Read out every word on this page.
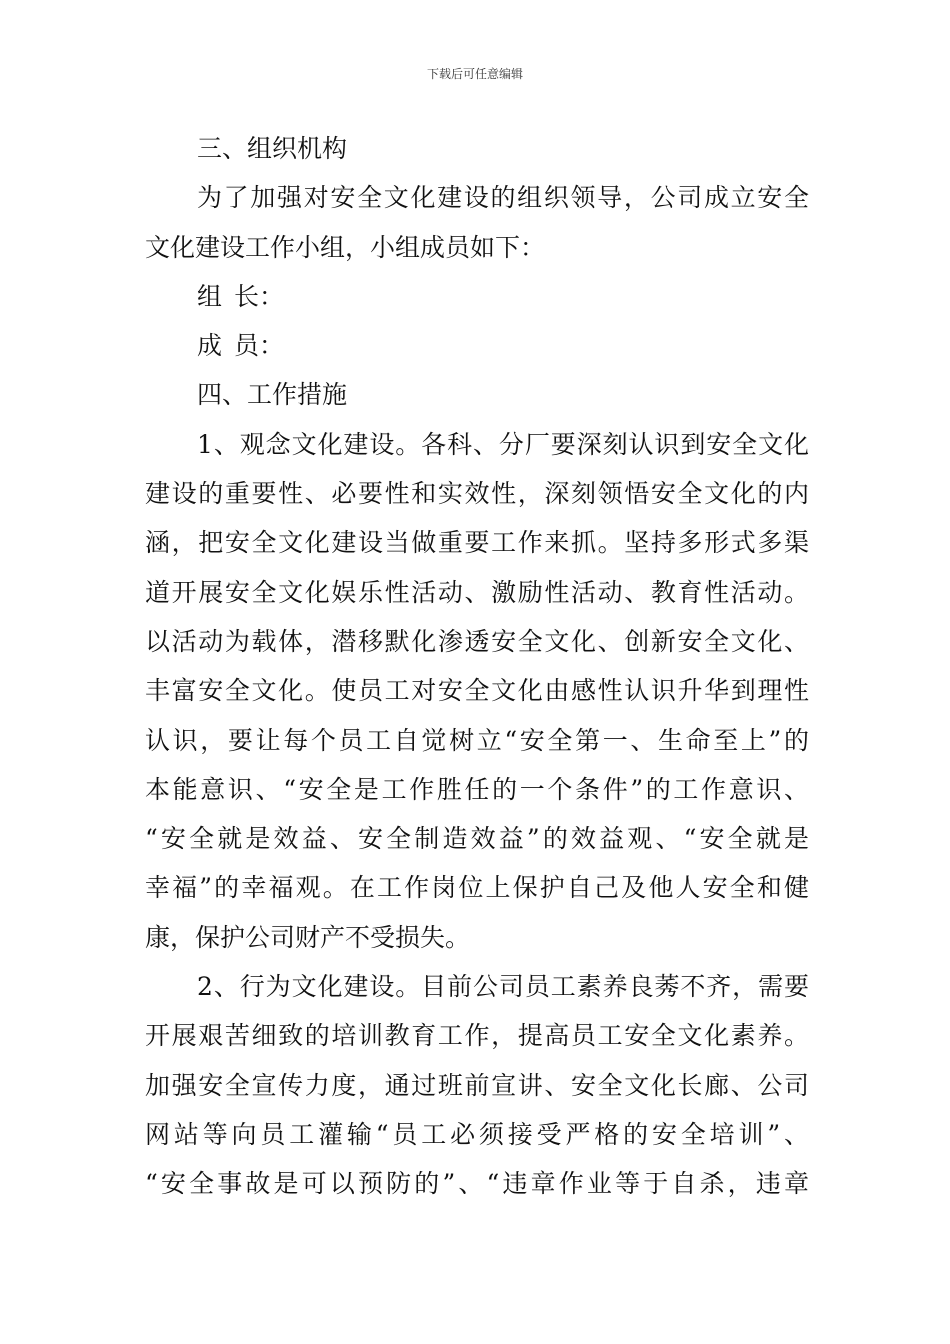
下载后可任意编辑
三、组织机构
为了加强对安全文化建设的组织领导，公司成立安全
文化建设工作小组，小组成员如下：
组 长：
成 员：
四、工作措施
1、观念文化建设。各科、分厂要深刻认识到安全文化
建设的重要性、必要性和实效性，深刻领悟安全文化的内
涵，把安全文化建设当做重要工作来抓。坚持多形式多渠
道开展安全文化娱乐性活动、激励性活动、教育性活动。
以活动为载体，潜移默化渗透安全文化、创新安全文化、
丰富安全文化。使员工对安全文化由感性认识升华到理性
认识，要让每个员工自觉树立“安全第一、生命至上”的
本能意识、“安全是工作胜任的一个条件”的工作意识、
“安全就是效益、安全制造效益”的效益观、“安全就是
幸福”的幸福观。在工作岗位上保护自己及他人安全和健
康，保护公司财产不受损失。
2、行为文化建设。目前公司员工素养良莠不齐，需要
开展艰苦细致的培训教育工作，提高员工安全文化素养。
加强安全宣传力度，通过班前宣讲、安全文化长廊、公司
网站等向员工灌输“员工必须接受严格的安全培训”、
“安全事故是可以预防的”、“违章作业等于自杀，违章
